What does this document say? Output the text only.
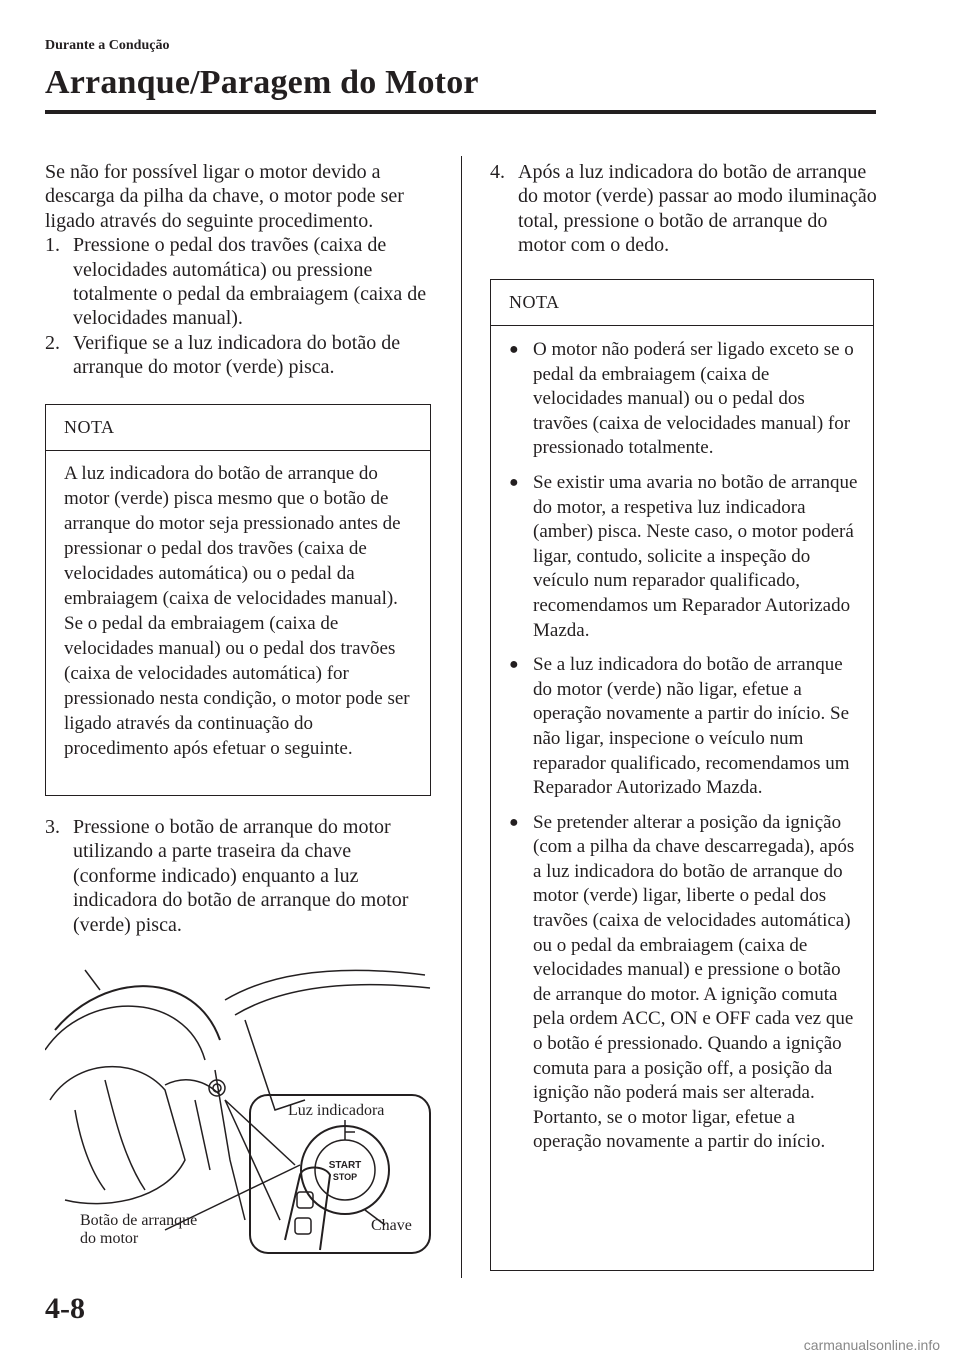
Durante a Condução
Arranque/Paragem do Motor

Se não for possível ligar o motor devido a descarga da pilha da chave, o motor pode ser ligado através do seguinte procedimento.

1. Pressione o pedal dos travões (caixa de velocidades automática) ou pressione totalmente o pedal da embraiagem (caixa de velocidades manual).
2. Verifique se a luz indicadora do botão de arranque do motor (verde) pisca.
NOTA
A luz indicadora do botão de arranque do motor (verde) pisca mesmo que o botão de arranque do motor seja pressionado antes de pressionar o pedal dos travões (caixa de velocidades automática) ou o pedal da embraiagem (caixa de velocidades manual). Se o pedal da embraiagem (caixa de velocidades manual) ou o pedal dos travões (caixa de velocidades automática) for pressionado nesta condição, o motor pode ser ligado através da continuação do procedimento após efetuar o seguinte.
3. Pressione o botão de arranque do motor utilizando a parte traseira da chave (conforme indicado) enquanto a luz indicadora do botão de arranque do motor (verde) pisca.
START
STOP
Luz indicadora
Botão de arranque
do motor
Chave
4. Após a luz indicadora do botão de arranque do motor (verde) passar ao modo iluminação total, pressione o botão de arranque do motor com o dedo.
NOTA
● O motor não poderá ser ligado exceto se o pedal da embraiagem (caixa de velocidades manual) ou o pedal dos travões (caixa de velocidades manual) for pressionado totalmente.
● Se existir uma avaria no botão de arranque do motor, a respetiva luz indicadora (amber) pisca. Neste caso, o motor poderá ligar, contudo, solicite a inspeção do veículo num reparador qualificado, recomendamos um Reparador Autorizado Mazda.
● Se a luz indicadora do botão de arranque do motor (verde) não ligar, efetue a operação novamente a partir do início. Se não ligar, inspecione o veículo num reparador qualificado, recomendamos um Reparador Autorizado Mazda.
● Se pretender alterar a posição da ignição (com a pilha da chave descarregada), após a luz indicadora do botão de arranque do motor (verde) ligar, liberte o pedal dos travões (caixa de velocidades automática) ou o pedal da embraiagem (caixa de velocidades manual) e pressione o botão de arranque do motor. A ignição comuta pela ordem ACC, ON e OFF cada vez que o botão é pressionado. Quando a ignição comuta para a posição off, a posição da ignição não poderá mais ser alterada. Portanto, se o motor ligar, efetue a operação novamente a partir do início.
4-8
carmanualsonline.info
